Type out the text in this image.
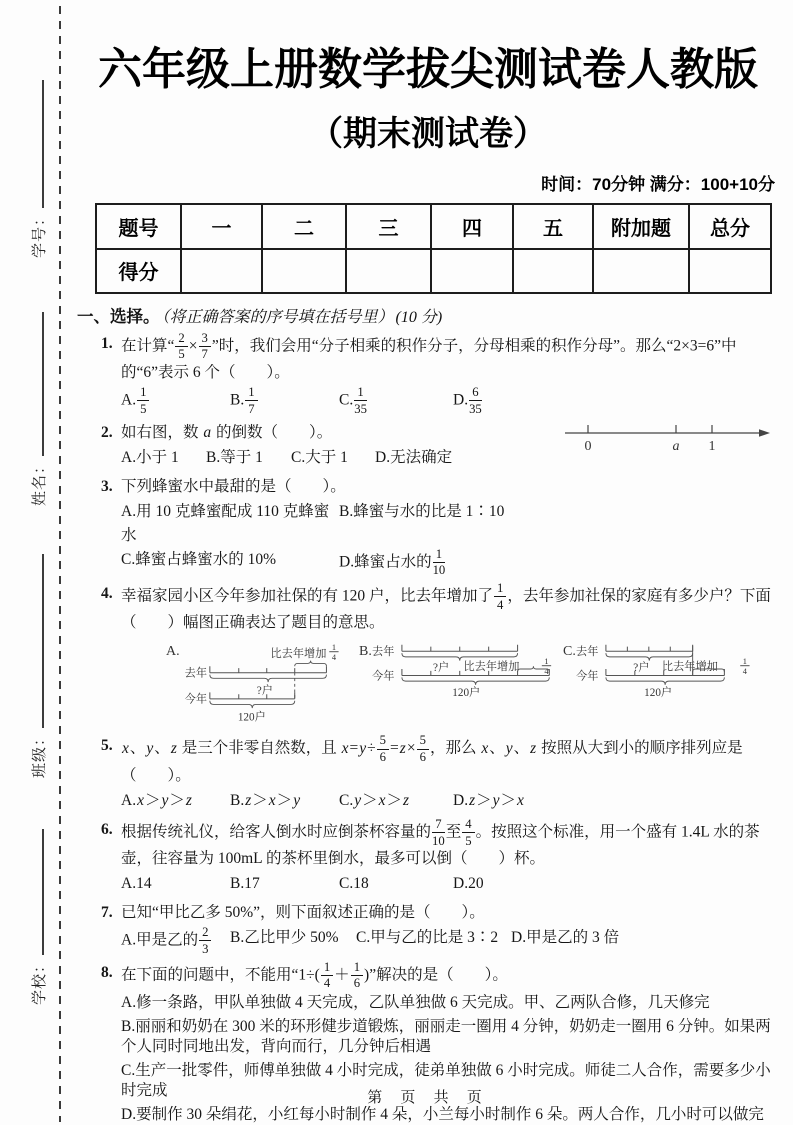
学号：
姓名：
班级：
学校：
六年级上册数学拔尖测试卷人教版
（期末测试卷）
时间：70分钟 满分：100+10分
题号	一	二	三	四	五	附加题	总分
得分							
一、选择。 （将正确答案的序号填在括号里） (10 分)
1. 在计算“ $\frac{2}{5} \times \frac{3}{7}$ ”时，我们会用“分子相乘的积作分子，分母相乘的积作分母”。那么“2×3=6”中的“6”表示 6 个（　　）。
A. $\frac{1}{5}$	B. $\frac{1}{7}$	C. $\frac{1}{35}$	D. $\frac{6}{35}$
2. 如右图，数 a 的倒数（　　）。
0	a 1
A.小于 1	B.等于 1	C.大于 1	D.无法确定
3. 下列蜂蜜水中最甜的是（　　）。
A.用 10 克蜂蜜配成 110 克蜂蜜水
B.蜂蜜与水的比是 1∶10
C.蜂蜜占蜂蜜水的 10%	D.蜂蜜占水的 $\frac{1}{10}$
4. 幸福家园小区今年参加社保的有 120 户，比去年增加了 $\frac{1}{4}$ ，去年参加社保的家庭有多少户？下面（　　）幅图正确表达了题目的意思。
A.	比去年增加
1
4
去年
?户
今年
120户
B. 去年
?户 比去年增加	1
4
今年
120户
C. 去年
?户 比去年增加	1
4
今年
120户
5. x、y、z 是三个非零自然数，且 $x=y\div \frac{5}{6} =z\times \frac{5}{6}$ ，那么 x、y、z 按照从大到小的顺序排列应是（　　）。
A.x＞y＞z	B.z＞x＞y	C.y＞x＞z	D.z＞y＞x
6. 根据传统礼仪，给客人倒水时应倒茶杯容量的 $\frac{7}{10}$ 至 $\frac{4}{5}$ 。按照这个标准，用一个盛有 1.4L 水的茶壶，往容量为 100mL 的茶杯里倒水，最多可以倒（　　）杯。
A.14	B.17	C.18	D.20
7. 已知“甲比乙多 50%”，则下面叙述正确的是（　　）。
A.甲是乙的 $\frac{2}{3} B$.乙比甲少 50%	C.甲与乙的比是 3∶2 D.甲是乙的 3 倍
8. 在下面的问题中，不能用“$1\div( \frac{1}{4} + \frac{1}{6}$ )”解决的是（　　）。
A.修一条路，甲队单独做 4 天完成，乙队单独做 6 天完成。甲、乙两队合修，几天修完
B.丽丽和奶奶在 300 米的环形健步道锻炼，丽丽走一圈用 4 分钟，奶奶走一圈用 6 分钟。如果两个人同时同地出发，背向而行，几分钟后相遇
C.生产一批零件，师傅单独做 4 小时完成，徒弟单独做 6 小时完成。师徒二人合作，需要多少小时完成
D.要制作 30 朵绢花，小红每小时制作 4 朵，小兰每小时制作 6 朵。两人合作，几小时可以做完
第 页 共 页
